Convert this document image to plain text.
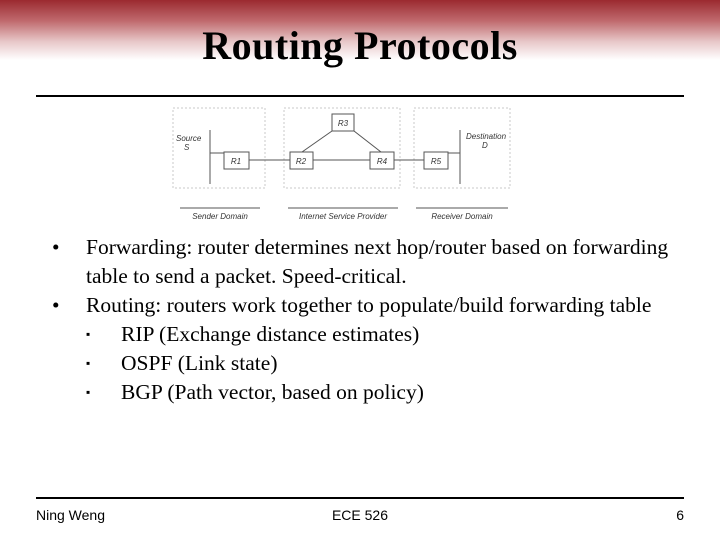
Routing Protocols
R1	R2
R3
R4	R5
Source
S
Destination
D
Sender Domain	Internet Service Provider	Receiver Domain
• Forwarding: router determines next hop/router based on forwarding table to send a packet. Speed-critical.
• Routing: routers work together to populate/build forwarding table
▪ RIP (Exchange distance estimates)
▪ OSPF (Link state)
▪ BGP (Path vector, based on policy)
Ning Weng	ECE 526	6
